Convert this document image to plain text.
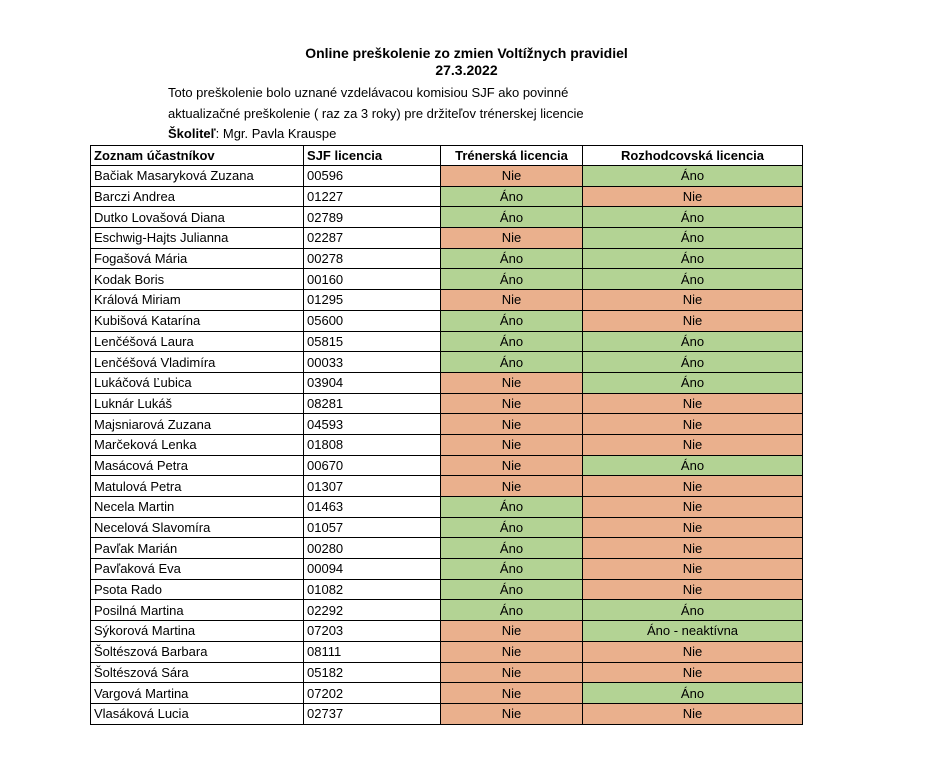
Online preškolenie zo zmien Voltížnych pravidiel
27.3.2022
Toto preškolenie bolo uznané vzdelávacou komisiou SJF ako povinné
aktualizačné preškolenie ( raz za 3 roky) pre držiteľov trénerskej licencie
Školiteľ: Mgr. Pavla Krauspe
Zoznam účastníkov	SJF licencia	Trénerská licencia	Rozhodcovská licencia
Bačiak Masaryková Zuzana	00596	Nie	Áno
Barczi Andrea	01227	Áno	Nie
Dutko Lovašová Diana	02789	Áno	Áno
Eschwig-Hajts Julianna	02287	Nie	Áno
Fogašová Mária	00278	Áno	Áno
Kodak Boris	00160	Áno	Áno
Králová Miriam	01295	Nie	Nie
Kubišová Katarína	05600	Áno	Nie
Lenčéšová Laura	05815	Áno	Áno
Lenčéšová Vladimíra	00033	Áno	Áno
Lukáčová Ľubica	03904	Nie	Áno
Luknár Lukáš	08281	Nie	Nie
Majsniarová Zuzana	04593	Nie	Nie
Marčeková Lenka	01808	Nie	Nie
Masácová Petra	00670	Nie	Áno
Matulová Petra	01307	Nie	Nie
Necela Martin	01463	Áno	Nie
Necelová Slavomíra	01057	Áno	Nie
Pavľak Marián	00280	Áno	Nie
Pavľaková Eva	00094	Áno	Nie
Psota Rado	01082	Áno	Nie
Posilná Martina	02292	Áno	Áno
Sýkorová Martina	07203	Nie	Áno - neaktívna
Šoltészová Barbara	08111	Nie	Nie
Šoltészová Sára	05182	Nie	Nie
Vargová Martina	07202	Nie	Áno
Vlasáková Lucia	02737	Nie	Nie
